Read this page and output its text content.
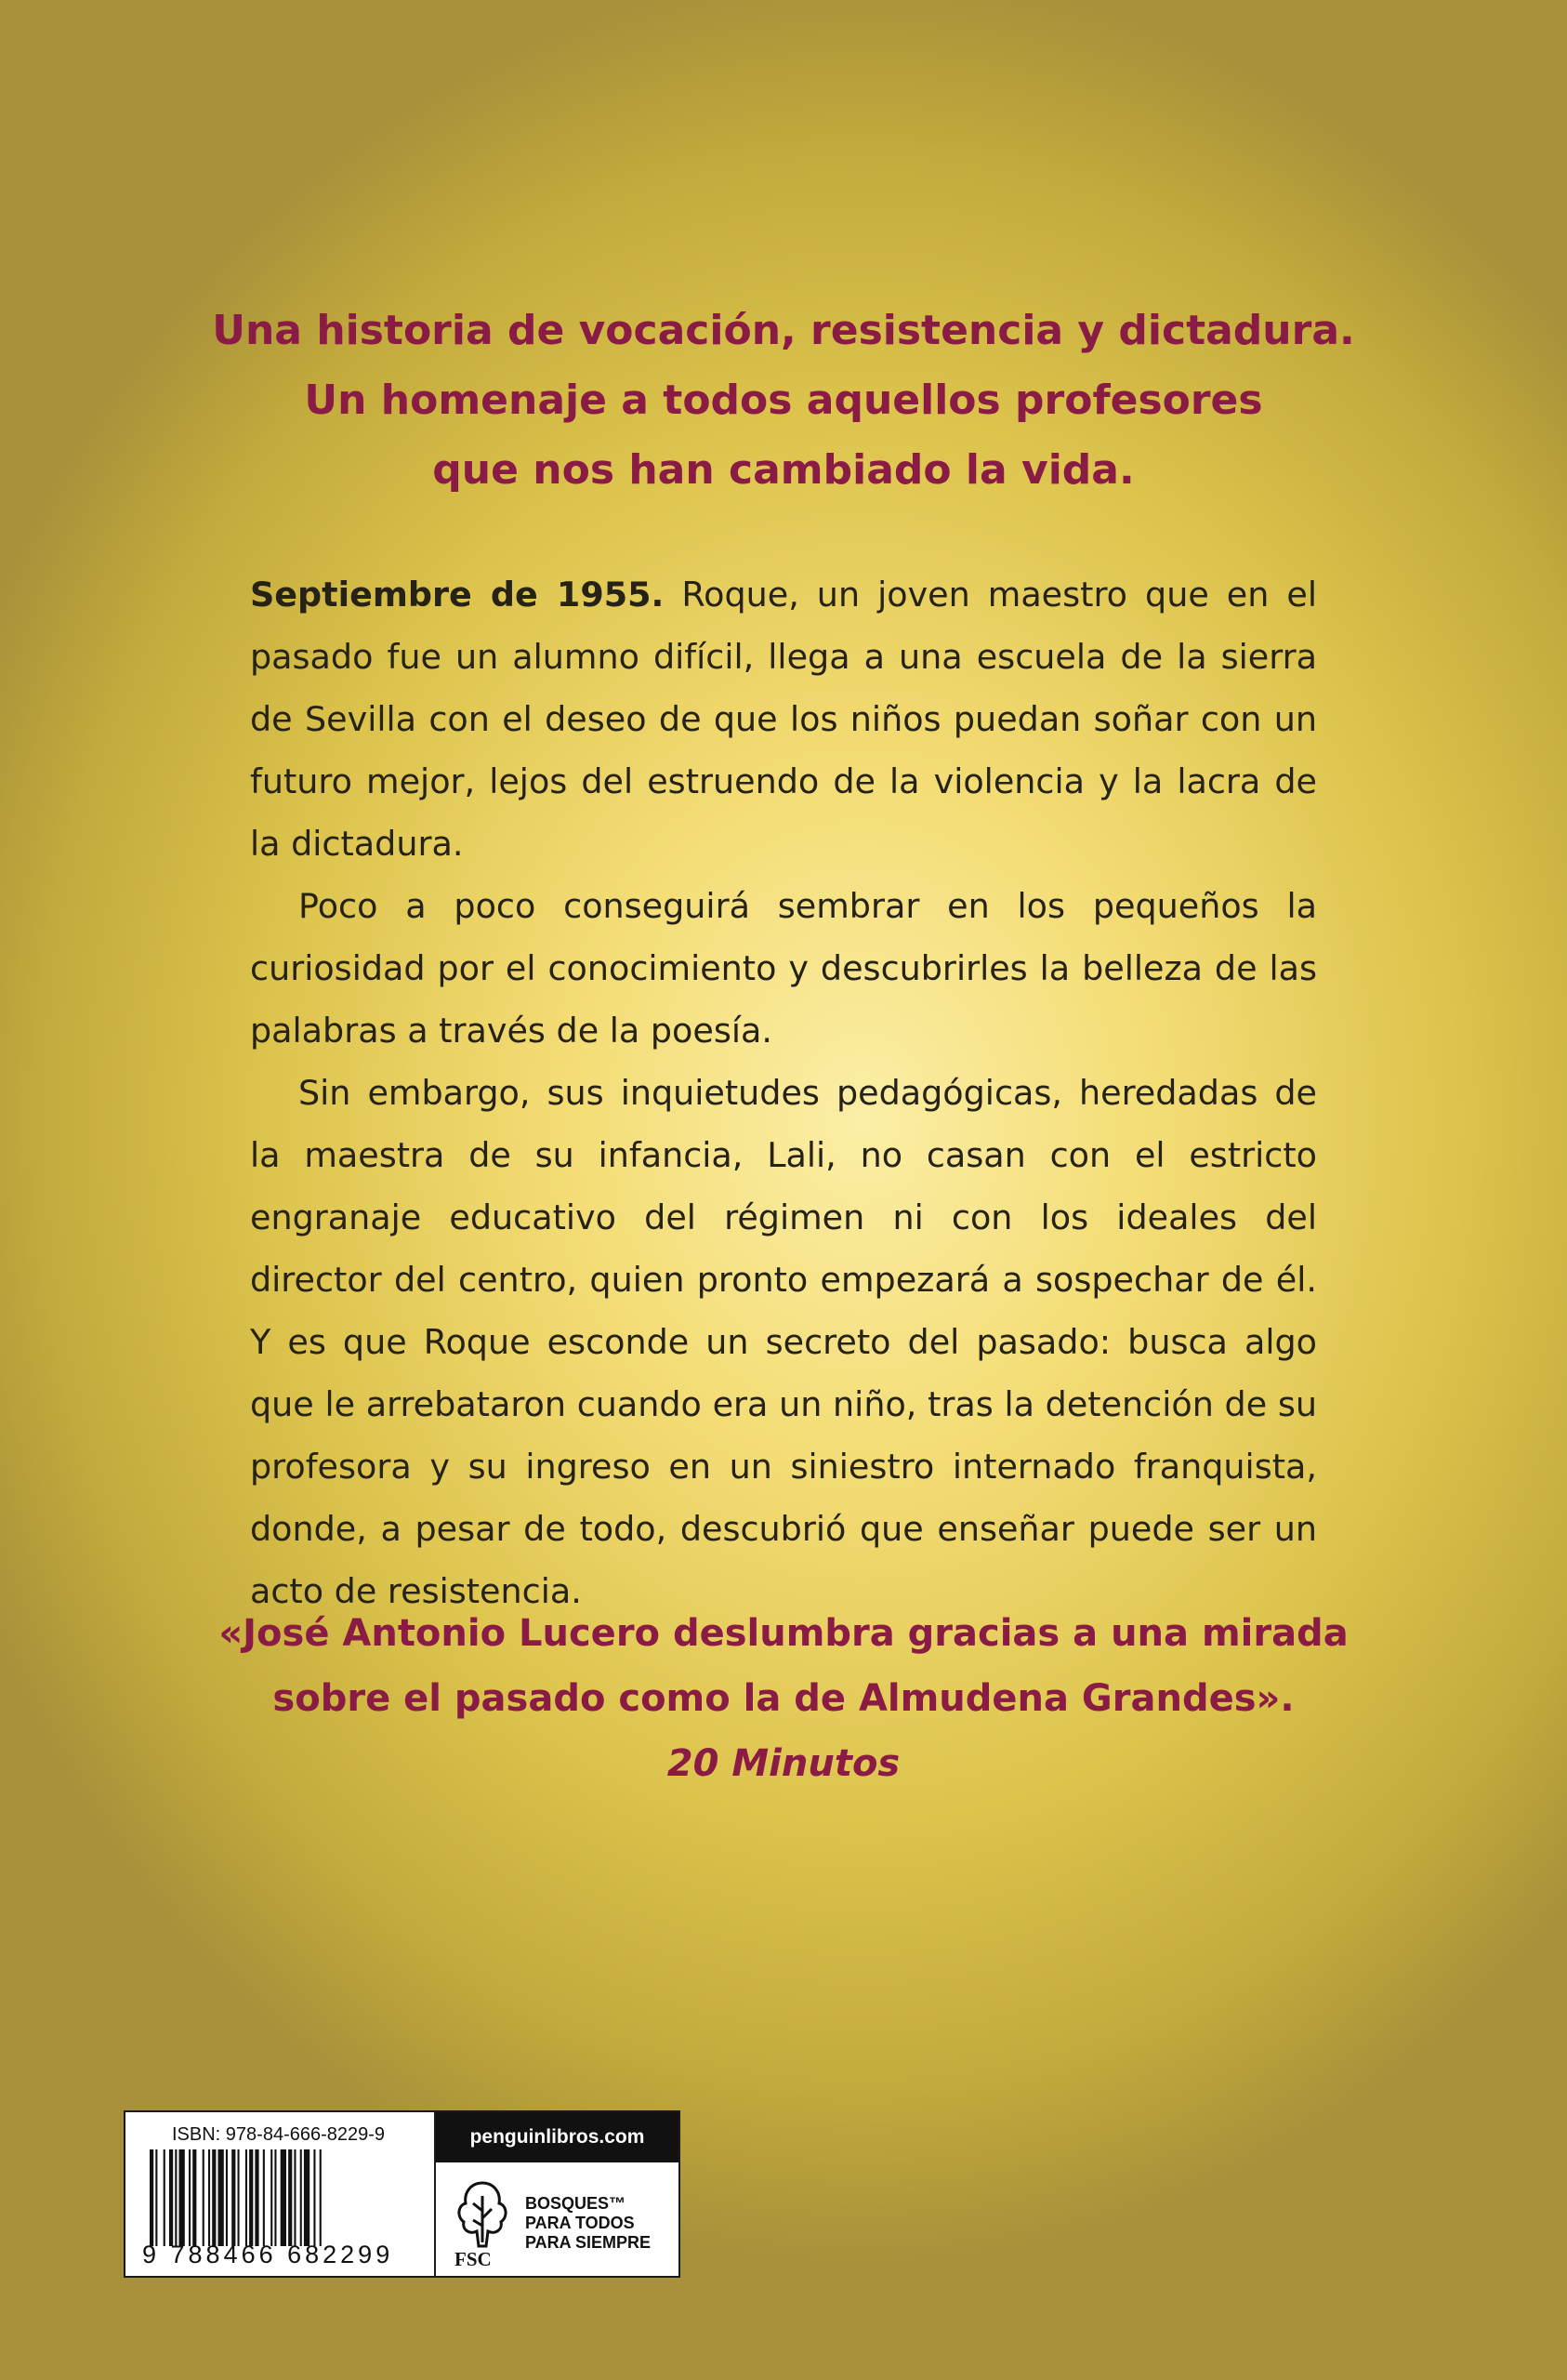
Una historia de vocación, resistencia y dictadura.
Un homenaje a todos aquellos profesores
que nos han cambiado la vida.

Septiembre de 1955. Roque, un joven maestro que en el pasado fue un alumno difícil, llega a una escuela de la sierra de Sevilla con el deseo de que los niños puedan soñar con un futuro mejor, lejos del estruendo de la violencia y la lacra de la dictadura.

Poco a poco conseguirá sembrar en los pequeños la curiosidad por el conocimiento y descubrirles la belleza de las palabras a través de la poesía.

Sin embargo, sus inquietudes pedagógicas, heredadas de la maestra de su infancia, Lali, no casan con el estricto engranaje educativo del régimen ni con los ideales del director del centro, quien pronto empezará a sospechar de él. Y es que Roque esconde un secreto del pasado: busca algo que le arrebataron cuando era un niño, tras la detención de su profesora y su ingreso en un siniestro internado franquista, donde, a pesar de todo, descubrió que enseñar puede ser un acto de resistencia.

«José Antonio Lucero deslumbra gracias a una mirada
sobre el pasado como la de Almudena Grandes».
20 Minutos
ISBN: 978-84-666-8229-9
9 788466 682299
penguinlibros.com
FSC
BOSQUES™
PARA TODOS
PARA SIEMPRE
